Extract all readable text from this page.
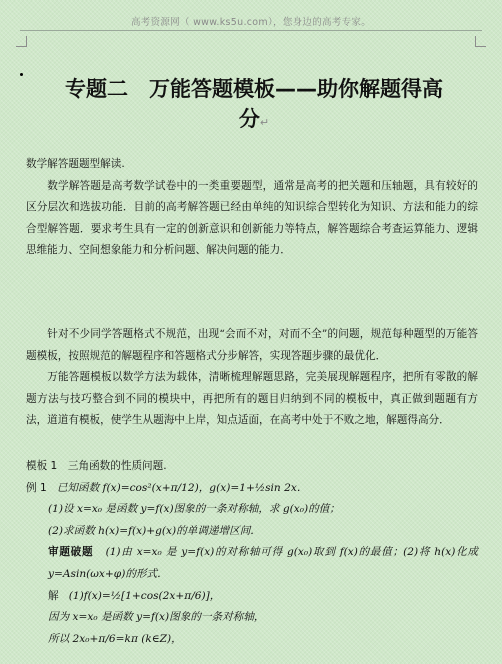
高考资源网（ www.ks5u.com），您身边的高考专家。
专题二　万能答题模板——助你解题得高
分↵

数学解答题题型解读.

数学解答题是高考数学试卷中的一类重要题型，通常是高考的把关题和压轴题，具有较好的区分层次和选拔功能．目前的高考解答题已经由单纯的知识综合型转化为知识、方法和能力的综合型解答题．要求考生具有一定的创新意识和创新能力等特点，解答题综合考查运算能力、逻辑思维能力、空间想象能力和分析问题、解决问题的能力．

针对不少同学答题格式不规范，出现“会而不对，对而不全”的问题，规范每种题型的万能答题模板，按照规范的解题程序和答题格式分步解答，实现答题步骤的最优化．

万能答题模板以数学方法为载体，清晰梳理解题思路，完美展现解题程序，把所有零散的解题方法与技巧整合到不同的模块中，再把所有的题目归纳到不同的模板中，真正做到题题有方法，道道有模板，使学生从题海中上岸，知点适面，在高考中处于不败之地，解题得高分．

模板 1　三角函数的性质问题.

例 1 已知函数 f(x)=cos²(x+π/12)，g(x)=1+½sin 2x．

(1)设 x=x₀ 是函数 y=f(x)图象的一条对称轴，求 g(x₀)的值；

(2)求函数 h(x)=f(x)+g(x)的单调递增区间．

审题破题 (1)由 x=x₀ 是 y=f(x)的对称轴可得 g(x₀)取到 f(x)的最值；(2)将 h(x)化成 y=Asin(ωx+φ)的形式．

解 (1)f(x)=½[1+cos(2x+π/6)]，

因为 x=x₀ 是函数 y=f(x)图象的一条对称轴，

所以 2x₀+π/6=kπ (k∈Z)，
